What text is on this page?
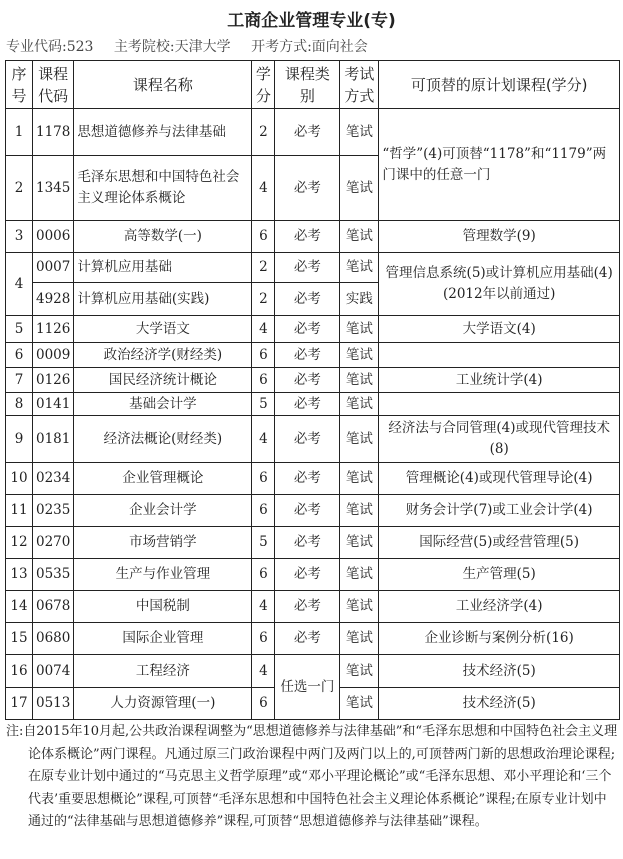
工商企业管理专业(专)
专业代码:523 主考院校:天津大学 开考方式:面向社会
序号	课程代码	课程名称	学分	课程类别	考试方式	可顶替的原计划课程(学分)
1	1178	思想道德修养与法律基础	2	必考	笔试	“哲学”(4)可顶替“1178”和“1179”两门课中的任意一门
2	1345	毛泽东思想和中国特色社会主义理论体系概论	4	必考	笔试	
3	0006	高等数学(一)	6	必考	笔试	管理数学(9)
4	0007	计算机应用基础	2	必考	笔试	管理信息系统(5)或计算机应用基础(4)(2012年以前通过)
	4928	计算机应用基础(实践)	2	必考	实践	
5	1126	大学语文	4	必考	笔试	大学语文(4)
6	0009	政治经济学(财经类)	6	必考	笔试	
7	0126	国民经济统计概论	6	必考	笔试	工业统计学(4)
8	0141	基础会计学	5	必考	笔试	
9	0181	经济法概论(财经类)	4	必考	笔试	经济法与合同管理(4)或现代管理技术(8)
10	0234	企业管理概论	6	必考	笔试	管理概论(4)或现代管理导论(4)
11	0235	企业会计学	6	必考	笔试	财务会计学(7)或工业会计学(4)
12	0270	市场营销学	5	必考	笔试	国际经营(5)或经营管理(5)
13	0535	生产与作业管理	6	必考	笔试	生产管理(5)
14	0678	中国税制	4	必考	笔试	工业经济学(4)
15	0680	国际企业管理	6	必考	笔试	企业诊断与案例分析(16)
16	0074	工程经济	4	任选一门	笔试	技术经济(5)
17	0513	人力资源管理(一)	6		笔试	技术经济(5)
注:自2015年10月起,公共政治课程调整为“思想道德修养与法律基础”和“毛泽东思想和中国特色社会主义理论体系概论”两门课程。凡通过原三门政治课程中两门及两门以上的,可顶替两门新的思想政治理论课程;在原专业计划中通过的“马克思主义哲学原理”或“邓小平理论概论”或“毛泽东思想、邓小平理论和‘三个代表’重要思想概论”课程,可顶替“毛泽东思想和中国特色社会主义理论体系概论”课程;在原专业计划中通过的“法律基础与思想道德修养”课程,可顶替“思想道德修养与法律基础”课程。
